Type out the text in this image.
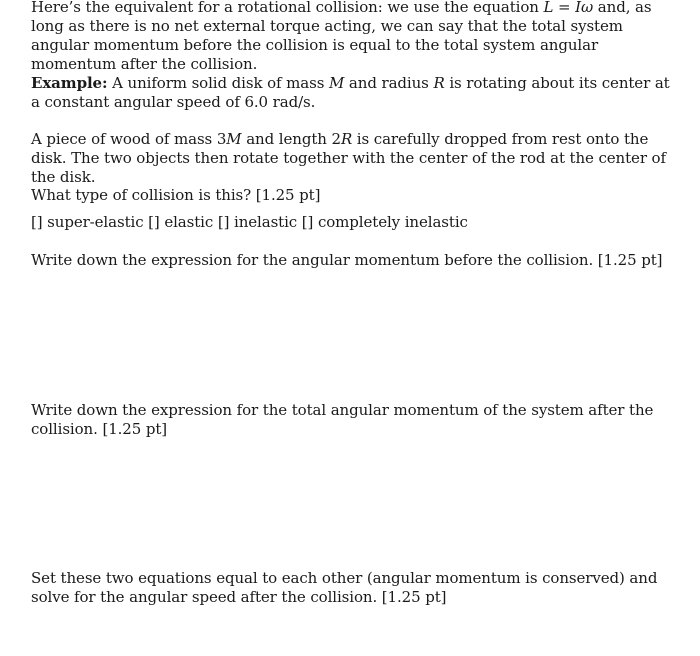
Here’s the equivalent for a rotational collision: we use the equation L = Iω and, as long as there is no net external torque acting, we can say that the total system angular momentum before the collision is equal to the total system angular momentum after the collision.

Example: A uniform solid disk of mass M and radius R is rotating about its center at a constant angular speed of 6.0 rad/s.

A piece of wood of mass 3M and length 2R is carefully dropped from rest onto the disk. The two objects then rotate together with the center of the rod at the center of the disk.

What type of collision is this? [1.25 pt]

[] super-elastic [] elastic [] inelastic [] completely inelastic

Write down the expression for the angular momentum before the collision. [1.25 pt]

Write down the expression for the total angular momentum of the system after the collision. [1.25 pt]

Set these two equations equal to each other (angular momentum is conserved) and solve for the angular speed after the collision. [1.25 pt]
